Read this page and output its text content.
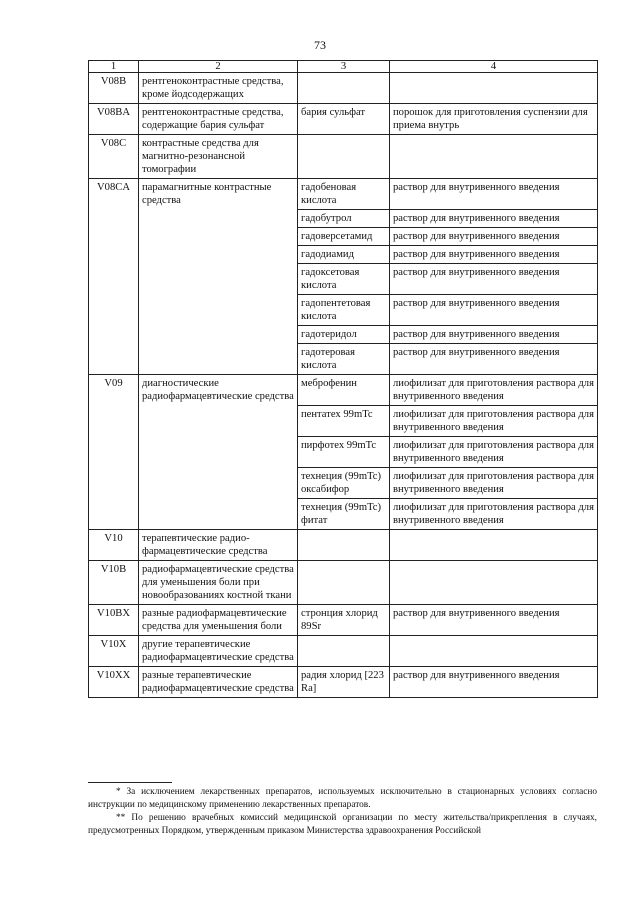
73
1	2	3	4
V08B	рентгеноконтрастные средства, кроме йодсодержащих		
V08BA	рентгеноконтрастные средства, содержащие бария сульфат	бария сульфат	порошок для приготовления суспензии для приема внутрь
V08C	контрастные средства для магнитно-резонансной томографии		
V08CA	парамагнитные контрастные средства	гадобеновая кислота	раствор для внутривенного введения
		гадобутрол	раствор для внутривенного введения
		гадоверсетамид	раствор для внутривенного введения
		гадодиамид	раствор для внутривенного введения
		гадоксетовая кислота	раствор для внутривенного введения
		гадопентетовая кислота	раствор для внутривенного введения
		гадотеридол	раствор для внутривенного введения
		гадотеровая кислота	раствор для внутривенного введения
V09	диагностические радиофармацевтические средства	меброфенин	лиофилизат для приготовления раствора для внутривенного введения
		пентатех 99mTc	лиофилизат для приготовления раствора для внутривенного введения
		пирфотех 99mTc	лиофилизат для приготовления раствора для внутривенного введения
		технеция (99mTc) оксабифор	лиофилизат для приготовления раствора для внутривенного введения
		технеция (99mTc) фитат	лиофилизат для приготовления раствора для внутривенного введения
V10	терапевтические радио-фармацевтические средства		
V10B	радиофармацевтические средства для уменьшения боли при новообразованиях костной ткани		
V10BX	разные радиофармацевтические средства для уменьшения боли	стронция хлорид 89Sr	раствор для внутривенного введения
V10X	другие терапевтические радиофармацевтические средства		
V10XX	разные терапевтические радиофармацевтические средства	радия хлорид [223 Ra]	раствор для внутривенного введения
* За исключением лекарственных препаратов, используемых исключительно в стационарных условиях согласно инструкции по медицинскому применению лекарственных препаратов.
** По решению врачебных комиссий медицинской организации по месту жительства/прикрепления в случаях, предусмотренных Порядком, утвержденным приказом Министерства здравоохранения Российской
